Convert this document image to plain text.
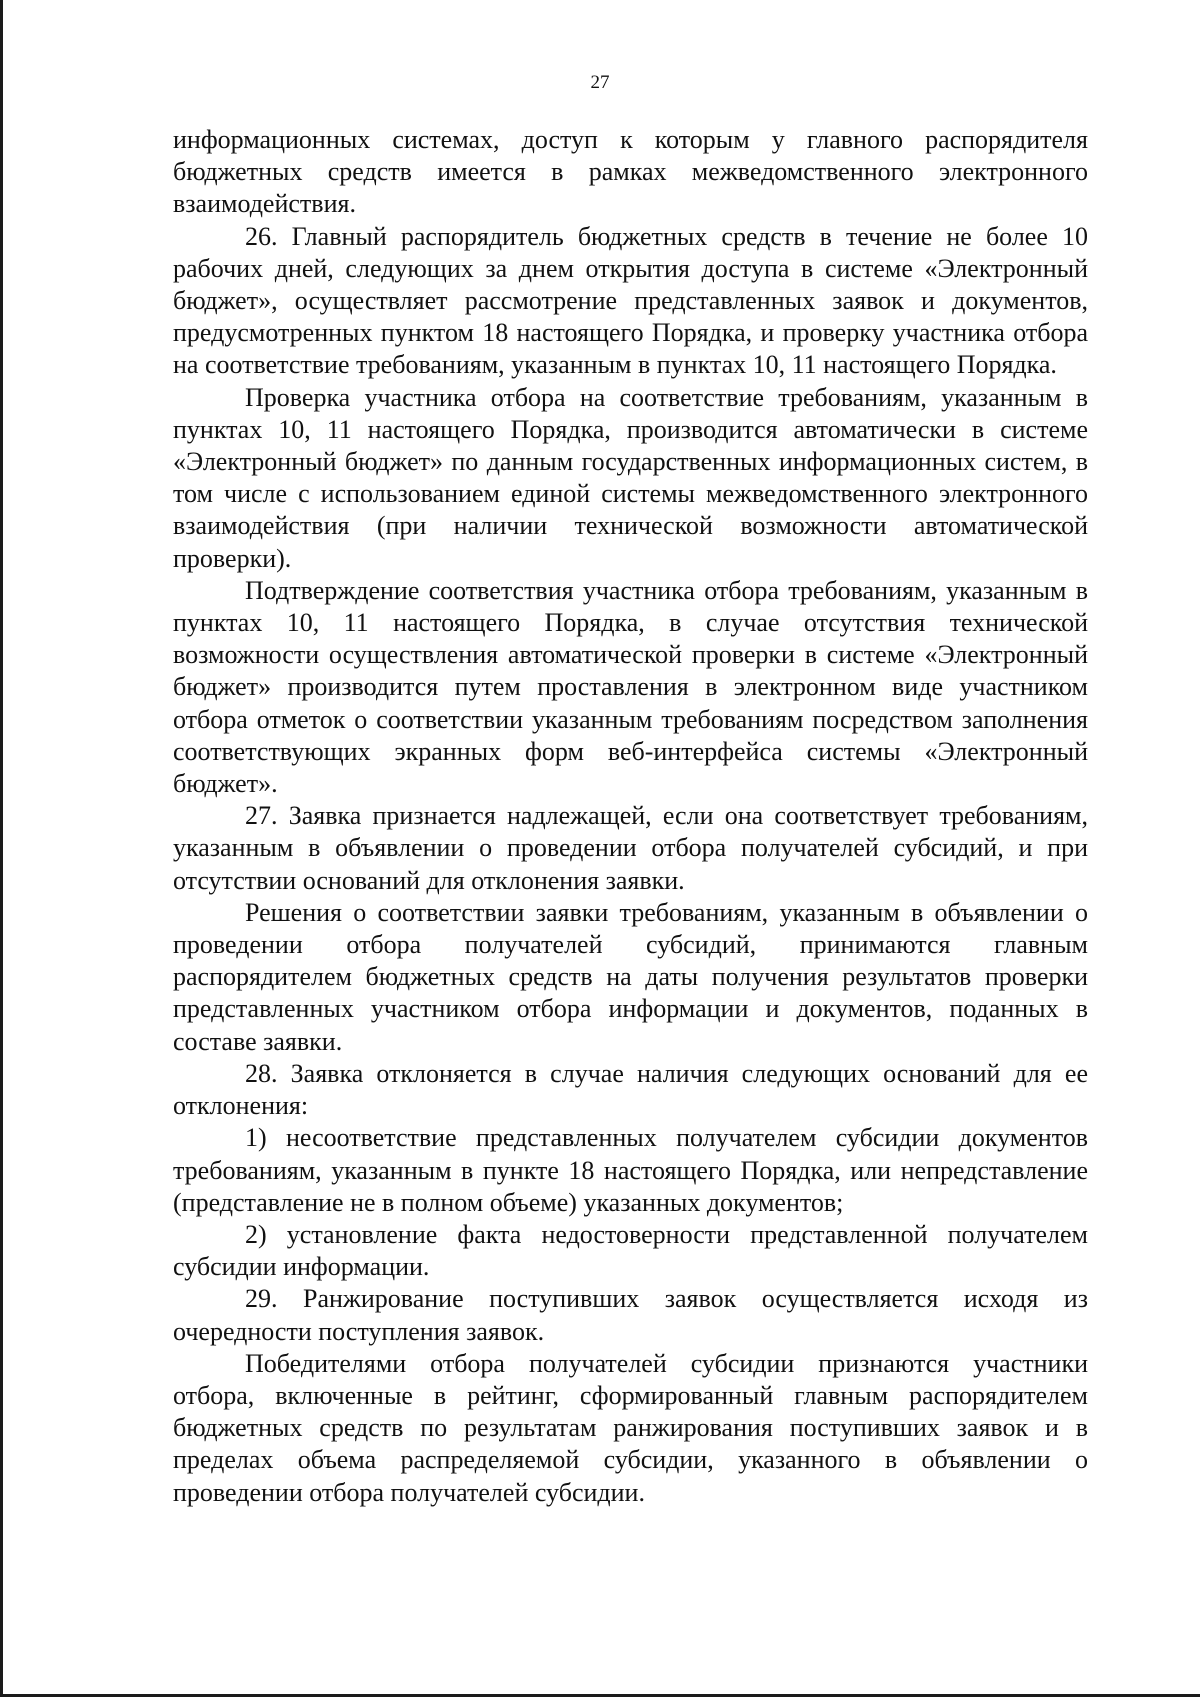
27

информационных системах, доступ к которым у главного распорядителя бюджетных средств имеется в рамках межведомственного электронного взаимодействия.

26. Главный распорядитель бюджетных средств в течение не более 10 рабочих дней, следующих за днем открытия доступа в системе «Электронный бюджет», осуществляет рассмотрение представленных заявок и документов, предусмотренных пунктом 18 настоящего Порядка, и проверку участника отбора на соответствие требованиям, указанным в пунктах 10, 11 настоящего Порядка.

Проверка участника отбора на соответствие требованиям, указанным в пунктах 10, 11 настоящего Порядка, производится автоматически в системе «Электронный бюджет» по данным государственных информационных систем, в том числе с использованием единой системы межведомственного электронного взаимодействия (при наличии технической возможности автоматической проверки).

Подтверждение соответствия участника отбора требованиям, указанным в пунктах 10, 11 настоящего Порядка, в случае отсутствия технической возможности осуществления автоматической проверки в системе «Электронный бюджет» производится путем проставления в электронном виде участником отбора отметок о соответствии указанным требованиям посредством заполнения соответствующих экранных форм веб-интерфейса системы «Электронный бюджет».

27. Заявка признается надлежащей, если она соответствует требованиям, указанным в объявлении о проведении отбора получателей субсидий, и при отсутствии оснований для отклонения заявки.

Решения о соответствии заявки требованиям, указанным в объявлении о проведении отбора получателей субсидий, принимаются главным распорядителем бюджетных средств на даты получения результатов проверки представленных участником отбора информации и документов, поданных в составе заявки.

28. Заявка отклоняется в случае наличия следующих оснований для ее отклонения:

1) несоответствие представленных получателем субсидии документов требованиям, указанным в пункте 18 настоящего Порядка, или непредставление (представление не в полном объеме) указанных документов;

2) установление факта недостоверности представленной получателем субсидии информации.

29. Ранжирование поступивших заявок осуществляется исходя из очередности поступления заявок.

Победителями отбора получателей субсидии признаются участники отбора, включенные в рейтинг, сформированный главным распорядителем бюджетных средств по результатам ранжирования поступивших заявок и в пределах объема распределяемой субсидии, указанного в объявлении о проведении отбора получателей субсидии.
